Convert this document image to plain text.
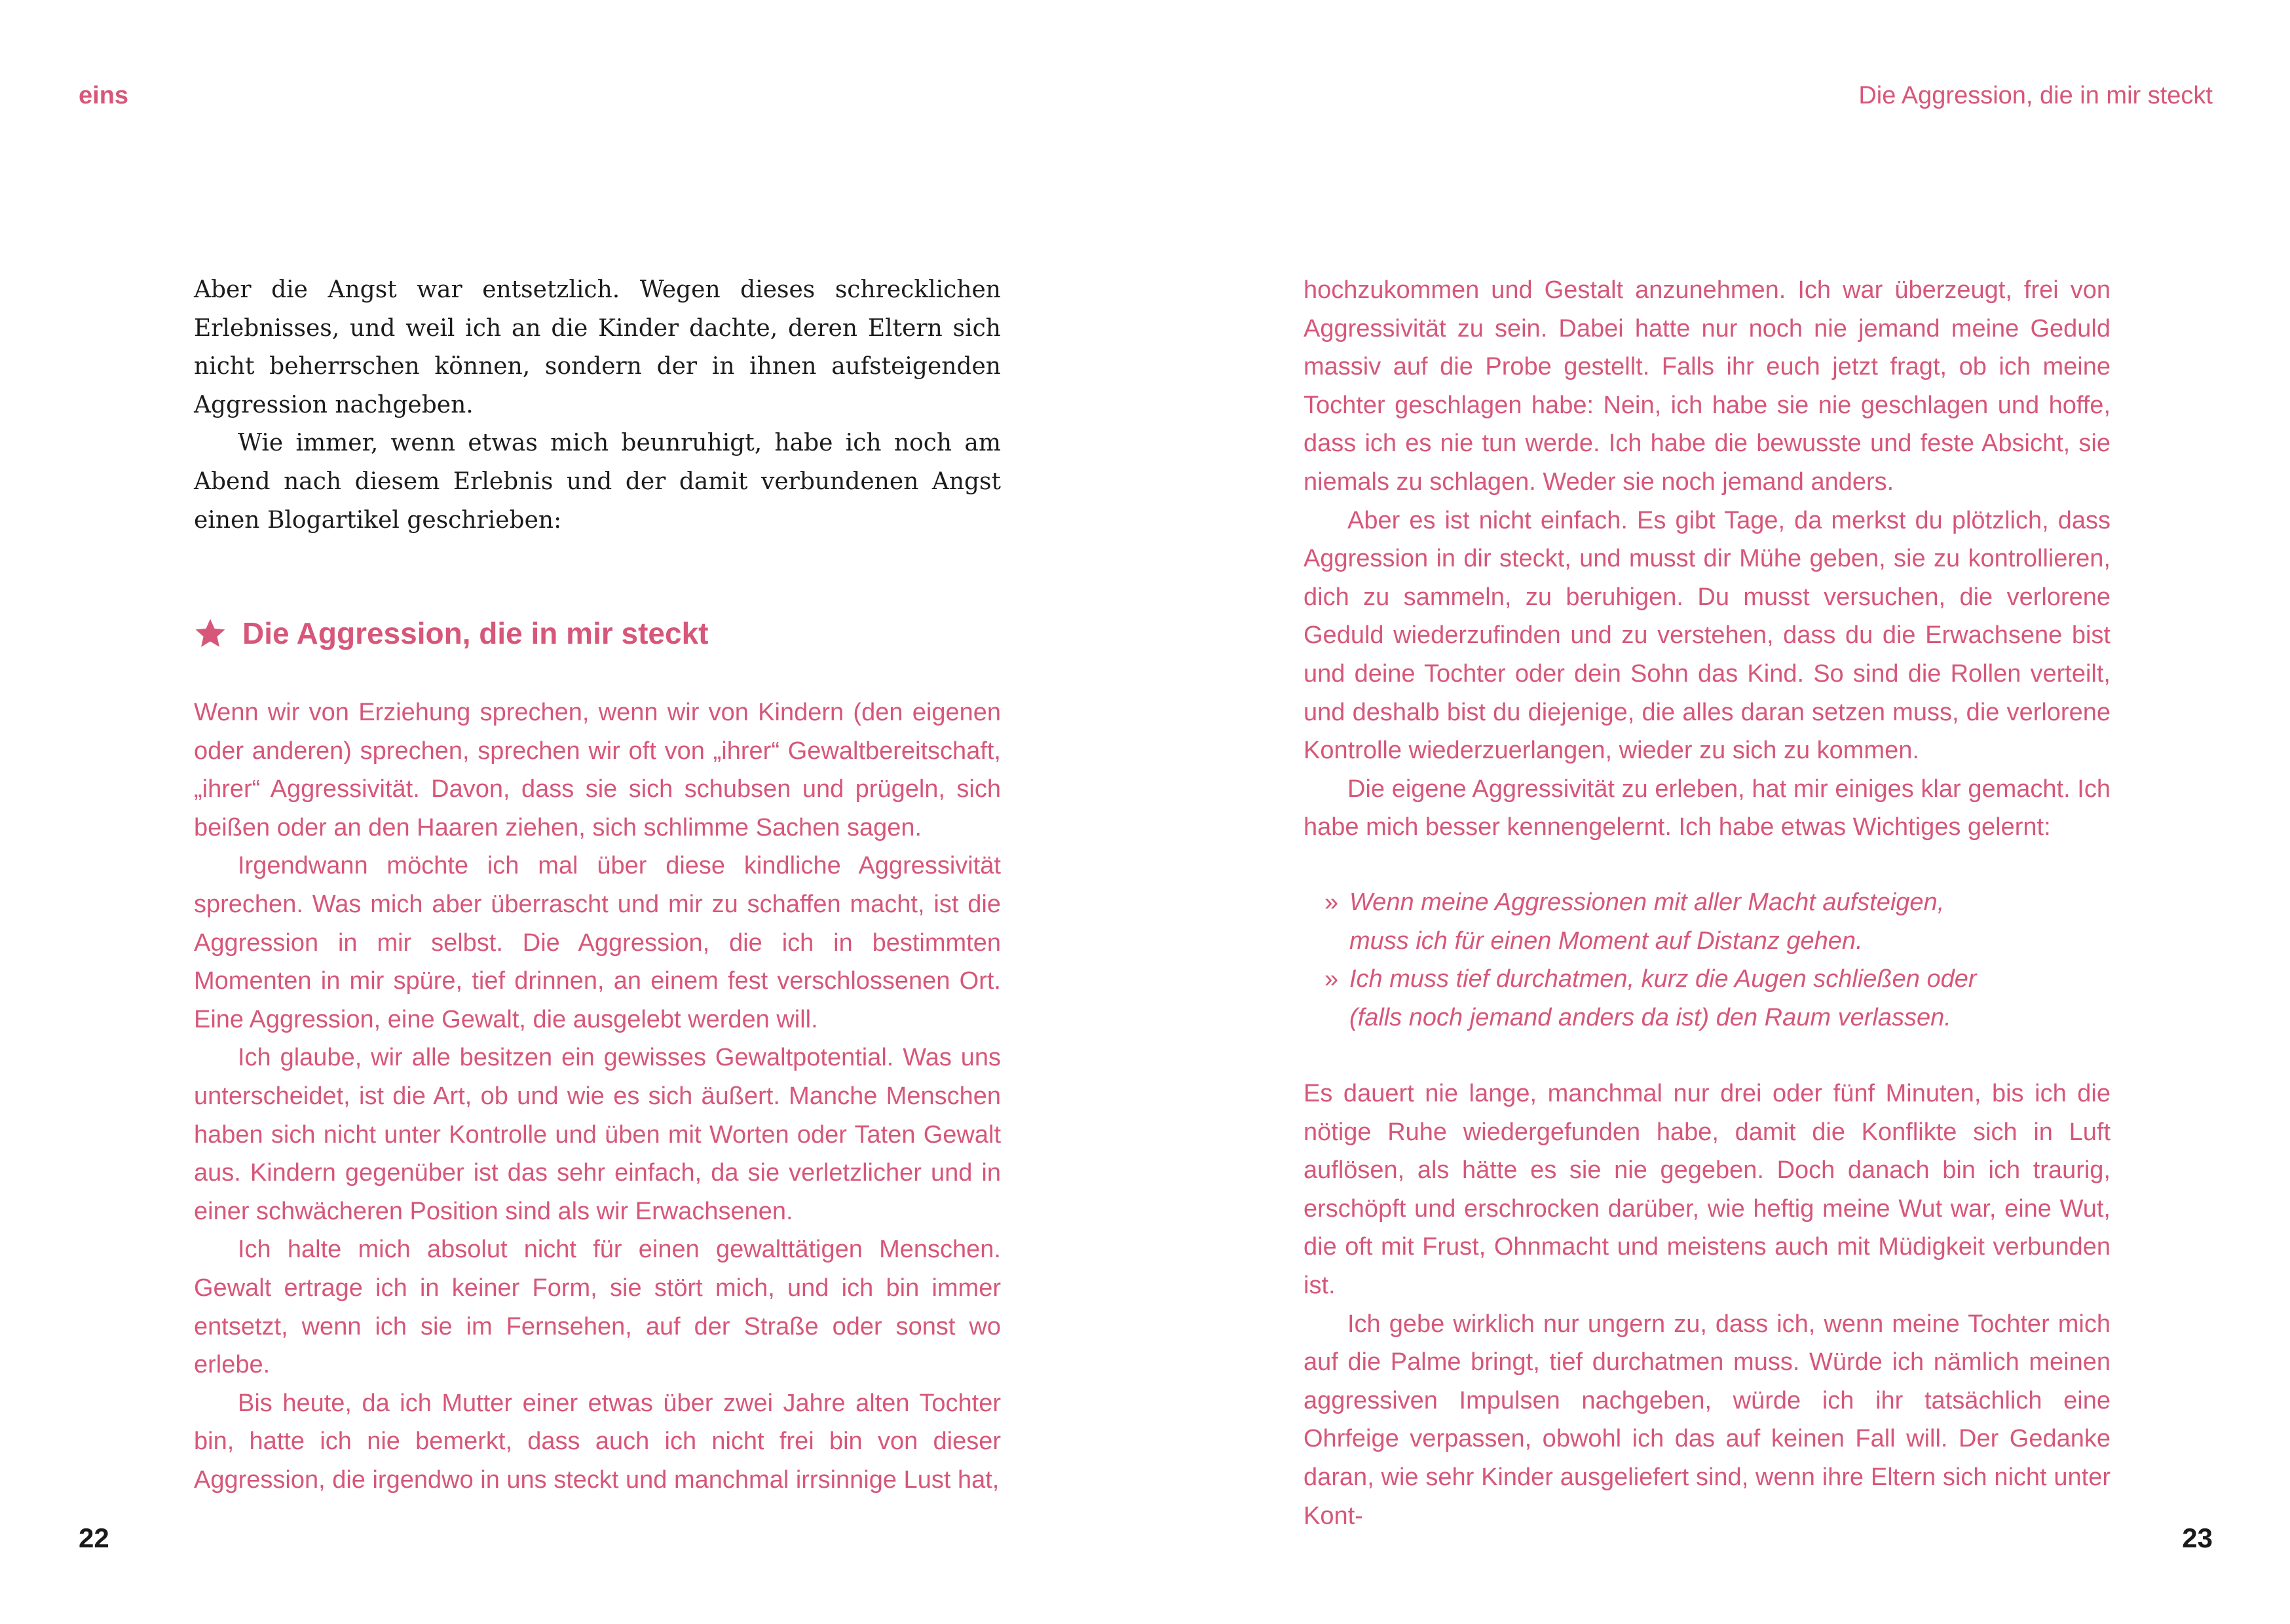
eins	Die Aggression, die in mir steckt

Aber die Angst war entsetzlich. Wegen dieses schrecklichen Erlebnisses, und weil ich an die Kinder dachte, deren Eltern sich nicht beherrschen können, sondern der in ihnen aufsteigenden Aggression nachgeben.

Wie immer, wenn etwas mich beunruhigt, habe ich noch am Abend nach diesem Erlebnis und der damit verbundenen Angst einen Blogartikel geschrieben:

Die Aggression, die in mir steckt

Wenn wir von Erziehung sprechen, wenn wir von Kindern (den eigenen oder anderen) sprechen, sprechen wir oft von „ihrer“ Gewaltbereitschaft, „ihrer“ Aggressivität. Davon, dass sie sich schubsen und prügeln, sich beißen oder an den Haaren ziehen, sich schlimme Sachen sagen.

Irgendwann möchte ich mal über diese kindliche Aggressivität sprechen. Was mich aber überrascht und mir zu schaffen macht, ist die Aggression in mir selbst. Die Aggression, die ich in bestimmten Momenten in mir spüre, tief drinnen, an einem fest verschlossenen Ort. Eine Aggression, eine Gewalt, die ausgelebt werden will.

Ich glaube, wir alle besitzen ein gewisses Gewaltpotential. Was uns unterscheidet, ist die Art, ob und wie es sich äußert. Manche Menschen haben sich nicht unter Kontrolle und üben mit Worten oder Taten Gewalt aus. Kindern gegenüber ist das sehr einfach, da sie verletzlicher und in einer schwächeren Position sind als wir Erwachsenen.

Ich halte mich absolut nicht für einen gewalttätigen Menschen. Gewalt ertrage ich in keiner Form, sie stört mich, und ich bin immer entsetzt, wenn ich sie im Fernsehen, auf der Straße oder sonst wo erlebe.

Bis heute, da ich Mutter einer etwas über zwei Jahre alten Tochter bin, hatte ich nie bemerkt, dass auch ich nicht frei bin von dieser Aggression, die irgendwo in uns steckt und manchmal irrsinnige Lust hat,

22

hochzukommen und Gestalt anzunehmen. Ich war überzeugt, frei von Aggressivität zu sein. Dabei hatte nur noch nie jemand meine Geduld massiv auf die Probe gestellt. Falls ihr euch jetzt fragt, ob ich meine Tochter geschlagen habe: Nein, ich habe sie nie geschlagen und hoffe, dass ich es nie tun werde. Ich habe die bewusste und feste Absicht, sie niemals zu schlagen. Weder sie noch jemand anders.

Aber es ist nicht einfach. Es gibt Tage, da merkst du plötzlich, dass Aggression in dir steckt, und musst dir Mühe geben, sie zu kontrollieren, dich zu sammeln, zu beruhigen. Du musst versuchen, die verlorene Geduld wiederzufinden und zu verstehen, dass du die Erwachsene bist und deine Tochter oder dein Sohn das Kind. So sind die Rollen verteilt, und deshalb bist du diejenige, die alles daran setzen muss, die verlorene Kontrolle wiederzuerlangen, wieder zu sich zu kommen.

Die eigene Aggressivität zu erleben, hat mir einiges klar gemacht. Ich habe mich besser kennengelernt. Ich habe etwas Wichtiges gelernt:

» Wenn meine Aggressionen mit aller Macht aufsteigen,

muss ich für einen Moment auf Distanz gehen.

» Ich muss tief durchatmen, kurz die Augen schließen oder

(falls noch jemand anders da ist) den Raum verlassen.

Es dauert nie lange, manchmal nur drei oder fünf Minuten, bis ich die nötige Ruhe wiedergefunden habe, damit die Konflikte sich in Luft auflösen, als hätte es sie nie gegeben. Doch danach bin ich traurig, erschöpft und erschrocken darüber, wie heftig meine Wut war, eine Wut, die oft mit Frust, Ohnmacht und meistens auch mit Müdigkeit verbunden ist.

Ich gebe wirklich nur ungern zu, dass ich, wenn meine Tochter mich auf die Palme bringt, tief durchatmen muss. Würde ich nämlich meinen aggressiven Impulsen nachgeben, würde ich ihr tatsächlich eine Ohrfeige verpassen, obwohl ich das auf keinen Fall will. Der Gedanke daran, wie sehr Kinder ausgeliefert sind, wenn ihre Eltern sich nicht unter Kont-

23
